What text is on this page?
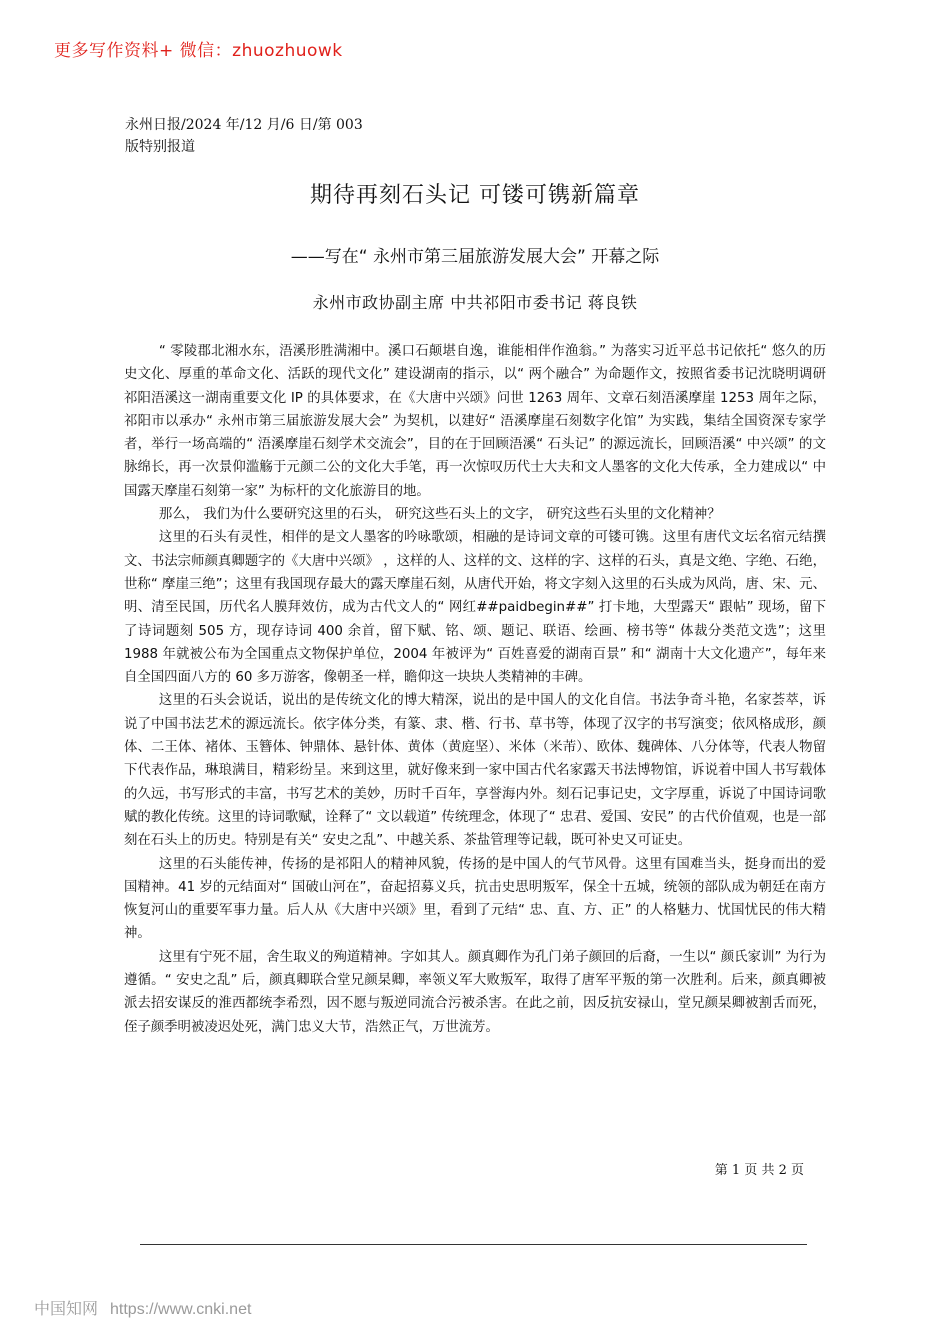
更多写作资料+ 微信：zhuozhuowk
永州日报/2024 年/12 月/6 日/第 003
版特别报道
期待再刻石头记 可镂可镌新篇章
——写在“ 永州市第三届旅游发展大会” 开幕之际
永州市政协副主席 中共祁阳市委书记 蒋良铁

“ 零陵郡北湘水东，浯溪形胜满湘中。溪口石颠堪自逸，谁能相伴作渔翁。” 为落实习近平总书记依托“ 悠久的历史文化、厚重的革命文化、活跃的现代文化” 建设湖南的指示，以“ 两个融合” 为命题作文，按照省委书记沈晓明调研祁阳浯溪这一湖南重要文化 IP 的具体要求，在《大唐中兴颂》问世 1263 周年、文章石刻浯溪摩崖 1253 周年之际，祁阳市以承办“ 永州市第三届旅游发展大会” 为契机，以建好“ 浯溪摩崖石刻数字化馆” 为实践，集结全国资深专家学者，举行一场高端的“ 浯溪摩崖石刻学术交流会”，目的在于回顾浯溪“ 石头记” 的源远流长，回顾浯溪“ 中兴颂” 的文脉绵长，再一次景仰滥觞于元颜二公的文化大手笔，再一次惊叹历代士大夫和文人墨客的文化大传承，全力建成以“ 中国露天摩崖石刻第一家” 为标杆的文化旅游目的地。

那么， 我们为什么要研究这里的石头， 研究这些石头上的文字， 研究这些石头里的文化精神？

这里的石头有灵性，相伴的是文人墨客的吟咏歌颂，相融的是诗词文章的可镂可镌。这里有唐代文坛名宿元结撰文、书法宗师颜真卿题字的《大唐中兴颂》 ，这样的人、这样的文、这样的字、这样的石头，真是文绝、字绝、石绝，世称“ 摩崖三绝”；这里有我国现存最大的露天摩崖石刻，从唐代开始，将文字刻入这里的石头成为风尚，唐、宋、元、明、清至民国，历代名人膜拜效仿，成为古代文人的“ 网红##paidbegin##” 打卡地，大型露天“ 跟帖” 现场，留下了诗词题刻 505 方，现存诗词 400 余首，留下赋、铭、颂、题记、联语、绘画、榜书等“ 体裁分类范文选”；这里 1988 年就被公布为全国重点文物保护单位，2004 年被评为“ 百姓喜爱的湖南百景” 和“ 湖南十大文化遗产”，每年来自全国四面八方的 60 多万游客，像朝圣一样，瞻仰这一块块人类精神的丰碑。

这里的石头会说话，说出的是传统文化的博大精深，说出的是中国人的文化自信。书法争奇斗艳，名家荟萃，诉说了中国书法艺术的源远流长。依字体分类，有篆、隶、楷、行书、草书等，体现了汉字的书写演变；依风格成形，颜体、二王体、褚体、玉簪体、钟鼎体、悬针体、黄体（黄庭坚）、米体（米芾）、欧体、魏碑体、八分体等，代表人物留下代表作品，琳琅满目，精彩纷呈。来到这里，就好像来到一家中国古代名家露天书法博物馆，诉说着中国人书写载体的久远，书写形式的丰富，书写艺术的美妙，历时千百年，享誉海内外。刻石记事记史，文字厚重，诉说了中国诗词歌赋的教化传统。这里的诗词歌赋，诠释了“ 文以载道” 传统理念，体现了“ 忠君、爱国、安民” 的古代价值观，也是一部刻在石头上的历史。特别是有关“ 安史之乱”、中越关系、茶盐管理等记载，既可补史又可证史。

这里的石头能传神，传扬的是祁阳人的精神风貌，传扬的是中国人的气节风骨。这里有国难当头，挺身而出的爱国精神。41 岁的元结面对“ 国破山河在”，奋起招募义兵，抗击史思明叛军，保全十五城，统领的部队成为朝廷在南方恢复河山的重要军事力量。后人从《大唐中兴颂》里，看到了元结“ 忠、直、方、正” 的人格魅力、忧国忧民的伟大精神。

这里有宁死不屈，舍生取义的殉道精神。字如其人。颜真卿作为孔门弟子颜回的后裔，一生以“ 颜氏家训” 为行为遵循。“ 安史之乱” 后，颜真卿联合堂兄颜杲卿，率领义军大败叛军，取得了唐军平叛的第一次胜利。后来，颜真卿被派去招安谋反的淮西都统李希烈，因不愿与叛逆同流合污被杀害。在此之前，因反抗安禄山，堂兄颜杲卿被割舌而死，侄子颜季明被凌迟处死，满门忠义大节，浩然正气，万世流芳。

第 1 页 共 2 页
中国知网 https://www.cnki.net
